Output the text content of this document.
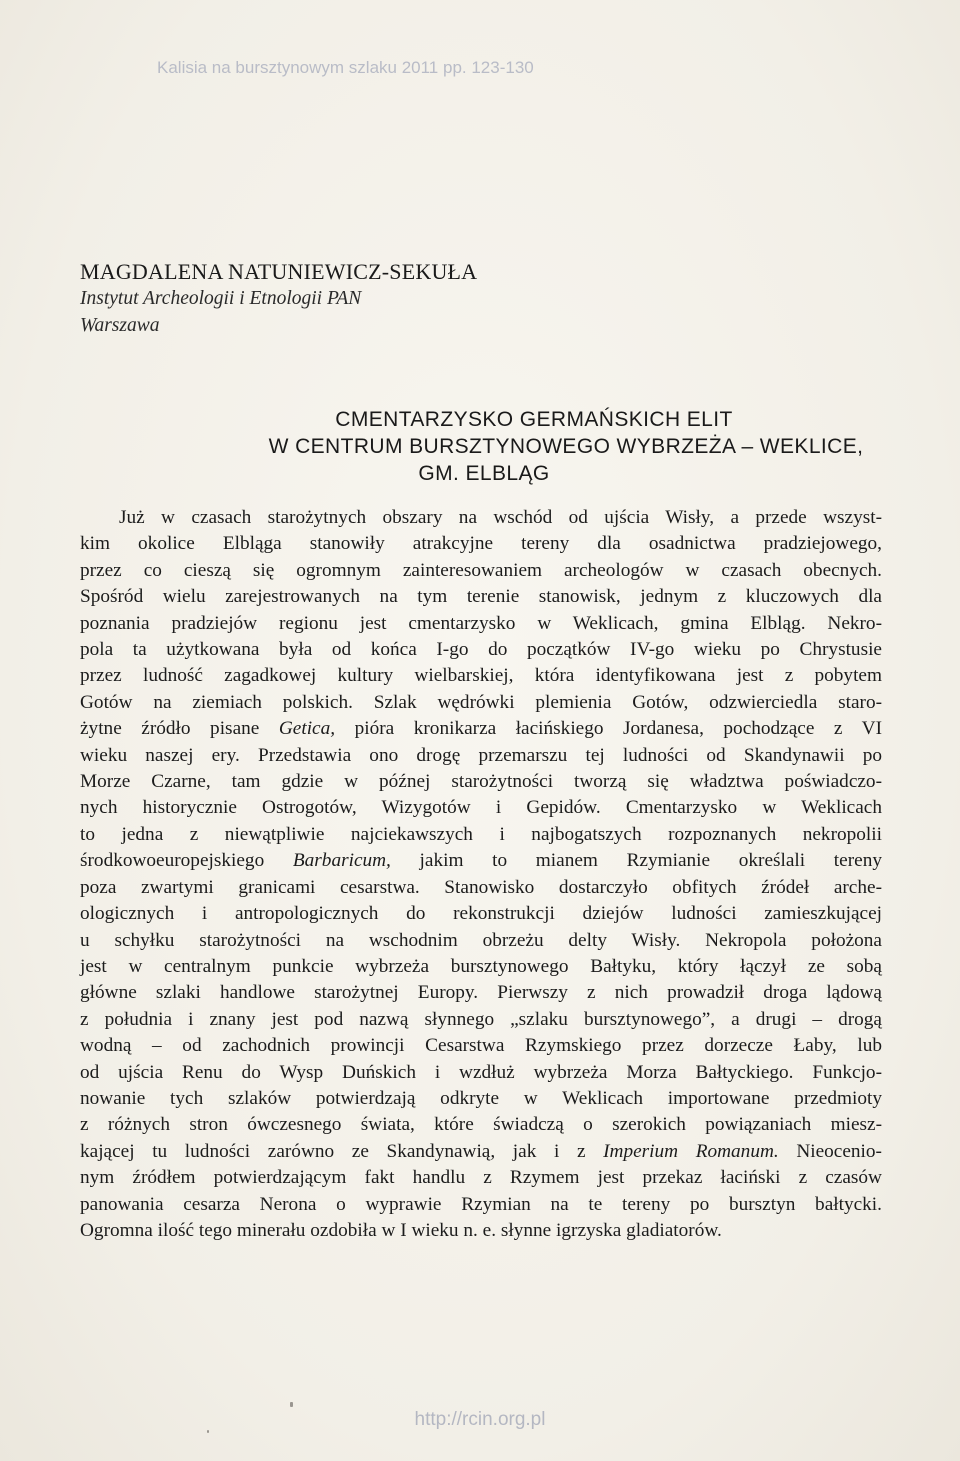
Kalisia na bursztynowym szlaku 2011 pp. 123-130
MAGDALENA NATUNIEWICZ-SEKUŁA
Instytut Archeologii i Etnologii PAN
Warszawa
CMENTARZYSKO GERMAŃSKICH ELIT
W CENTRUM BURSZTYNOWEGO WYBRZEŻA – WEKLICE,
GM. ELBLĄG
Już w czasach starożytnych obszary na wschód od ujścia Wisły, a przede wszyst-
kim okolice Elbląga stanowiły atrakcyjne tereny dla osadnictwa pradziejowego,
przez co cieszą się ogromnym zainteresowaniem archeologów w czasach obecnych.
Spośród wielu zarejestrowanych na tym terenie stanowisk, jednym z kluczowych dla
poznania pradziejów regionu jest cmentarzysko w Weklicach, gmina Elbląg. Nekro-
pola ta użytkowana była od końca I-go do początków IV-go wieku po Chrystusie
przez ludność zagadkowej kultury wielbarskiej, która identyfikowana jest z pobytem
Gotów na ziemiach polskich. Szlak wędrówki plemienia Gotów, odzwierciedla staro-
żytne źródło pisane Getica, pióra kronikarza łacińskiego Jordanesa, pochodzące z VI
wieku naszej ery. Przedstawia ono drogę przemarszu tej ludności od Skandynawii po
Morze Czarne, tam gdzie w późnej starożytności tworzą się władztwa poświadczo-
nych historycznie Ostrogotów, Wizygotów i Gepidów. Cmentarzysko w Weklicach
to jedna z niewątpliwie najciekawszych i najbogatszych rozpoznanych nekropolii
środkowoeuropejskiego Barbaricum, jakim to mianem Rzymianie określali tereny
poza zwartymi granicami cesarstwa. Stanowisko dostarczyło obfitych źródeł arche-
ologicznych i antropologicznych do rekonstrukcji dziejów ludności zamieszkującej
u schyłku starożytności na wschodnim obrzeżu delty Wisły. Nekropola położona
jest w centralnym punkcie wybrzeża bursztynowego Bałtyku, który łączył ze sobą
główne szlaki handlowe starożytnej Europy. Pierwszy z nich prowadził droga lądową
z południa i znany jest pod nazwą słynnego „szlaku bursztynowego”, a drugi – drogą
wodną – od zachodnich prowincji Cesarstwa Rzymskiego przez dorzecze Łaby, lub
od ujścia Renu do Wysp Duńskich i wzdłuż wybrzeża Morza Bałtyckiego. Funkcjo-
nowanie tych szlaków potwierdzają odkryte w Weklicach importowane przedmioty
z różnych stron ówczesnego świata, które świadczą o szerokich powiązaniach miesz-
kającej tu ludności zarówno ze Skandynawią, jak i z Imperium Romanum. Nieocenio-
nym źródłem potwierdzającym fakt handlu z Rzymem jest przekaz łaciński z czasów
panowania cesarza Nerona o wyprawie Rzymian na te tereny po bursztyn bałtycki.
Ogromna ilość tego minerału ozdobiła w I wieku n. e. słynne igrzyska gladiatorów.
http://rcin.org.pl
